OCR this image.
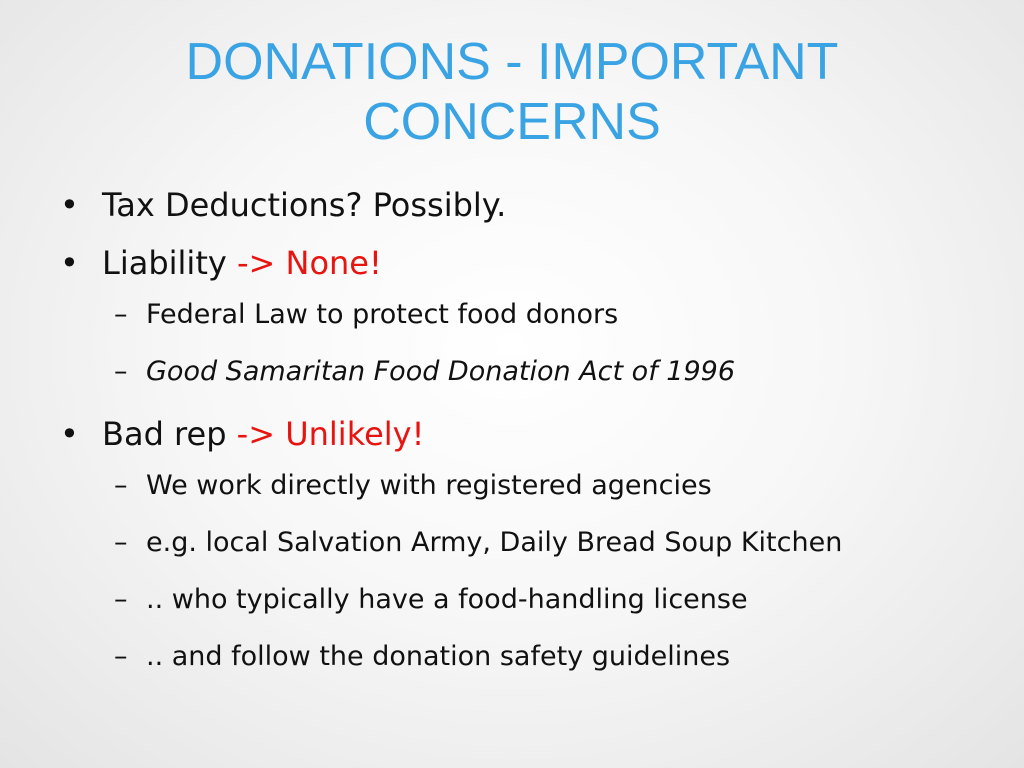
DONATIONS - IMPORTANT
CONCERNS
• Tax Deductions? Possibly.
• Liability -> None!
– Federal Law to protect food donors
– Good Samaritan Food Donation Act of 1996
• Bad rep -> Unlikely!
– We work directly with registered agencies
– e.g. local Salvation Army, Daily Bread Soup Kitchen
– .. who typically have a food-handling license
– .. and follow the donation safety guidelines
